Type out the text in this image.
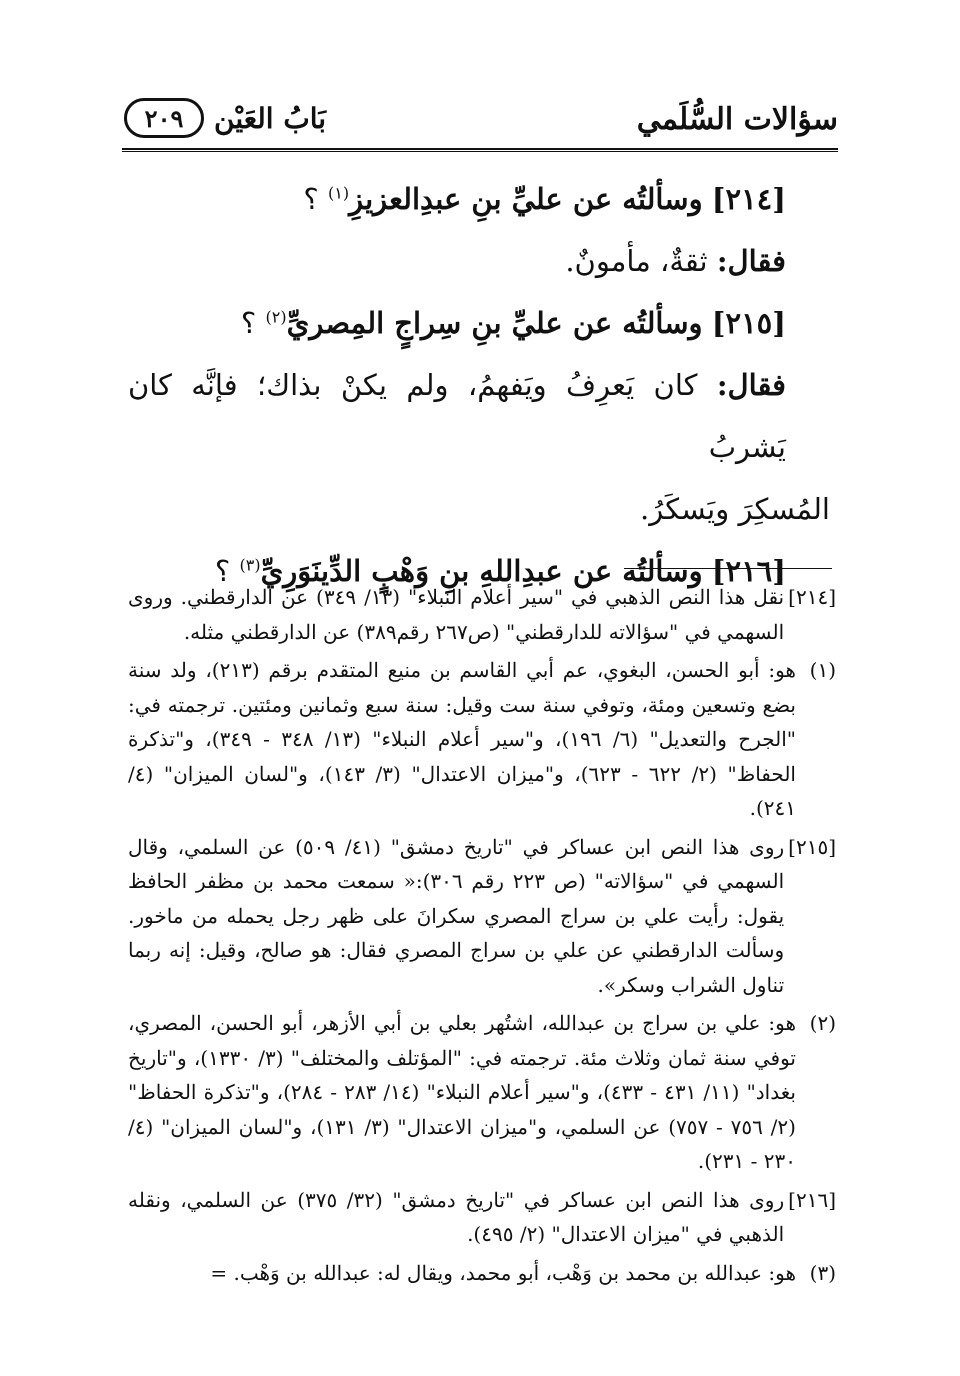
سؤالات السُّلَمي
بَابُ العَيْن
٢٠٩

[٢١٤] وسألتُه عن عليِّ بنِ عبدِالعزيزِ$^{(١)}$ ؟

فقال: ثقةٌ، مأمونٌ.

[٢١٥] وسألتُه عن عليِّ بنِ سِراجٍ المِصريِّ$^{(٢)}$ ؟

فقال: كان يَعرِفُ ويَفهمُ، ولم يكنْ بذاك؛ فإنَّه كان يَشربُ

المُسكِرَ ويَسكَرُ.

[٢١٦] وسألتُه عن عبدِاللهِ بنِ وَهْبٍ الدِّينَوَرِيِّ$^{(٣)}$ ؟

[٢١٤]
نقل هذا النص الذهبي في "سير أعلام النبلاء" (١٣/ ٣٤٩) عن الدارقطني. وروى السهمي في "سؤالاته للدارقطني" (ص٢٦٧ رقم٣٨٩) عن الدارقطني مثله.
(١)
هو: أبو الحسن، البغوي، عم أبي القاسم بن منيع المتقدم برقم (٢١٣)، ولد سنة بضع وتسعين ومئة، وتوفي سنة ست وقيل: سنة سبع وثمانين ومئتين. ترجمته في: "الجرح والتعديل" (٦/ ١٩٦)، و"سير أعلام النبلاء" (١٣/ ٣٤٨ - ٣٤٩)، و"تذكرة الحفاظ" (٢/ ٦٢٢ - ٦٢٣)، و"ميزان الاعتدال" (٣/ ١٤٣)، و"لسان الميزان" (٤/ ٢٤١).
[٢١٥]
روى هذا النص ابن عساكر في "تاريخ دمشق" (٤١/ ٥٠٩) عن السلمي، وقال السهمي في "سؤالاته" (ص ٢٢٣ رقم ٣٠٦):« سمعت محمد بن مظفر الحافظ يقول: رأيت علي بن سراج المصري سكرانَ على ظهر رجل يحمله من ماخور. وسألت الدارقطني عن علي بن سراج المصري فقال: هو صالح، وقيل: إنه ربما تناول الشراب وسكر».
(٢)
هو: علي بن سراج بن عبدالله، اشتُهر بعلي بن أبي الأزهر، أبو الحسن، المصري، توفي سنة ثمان وثلاث مئة. ترجمته في: "المؤتلف والمختلف" (٣/ ١٣٣٠)، و"تاريخ بغداد" (١١/ ٤٣١ - ٤٣٣)، و"سير أعلام النبلاء" (١٤/ ٢٨٣ - ٢٨٤)، و"تذكرة الحفاظ" (٢/ ٧٥٦ - ٧٥٧) عن السلمي، و"ميزان الاعتدال" (٣/ ١٣١)، و"لسان الميزان" (٤/ ٢٣٠ - ٢٣١).
[٢١٦]
روى هذا النص ابن عساكر في "تاريخ دمشق" (٣٢/ ٣٧٥) عن السلمي، ونقله الذهبي في "ميزان الاعتدال" (٢/ ٤٩٥).
(٣)
هو: عبدالله بن محمد بن وَهْب، أبو محمد، ويقال له: عبدالله بن وَهْب. =
